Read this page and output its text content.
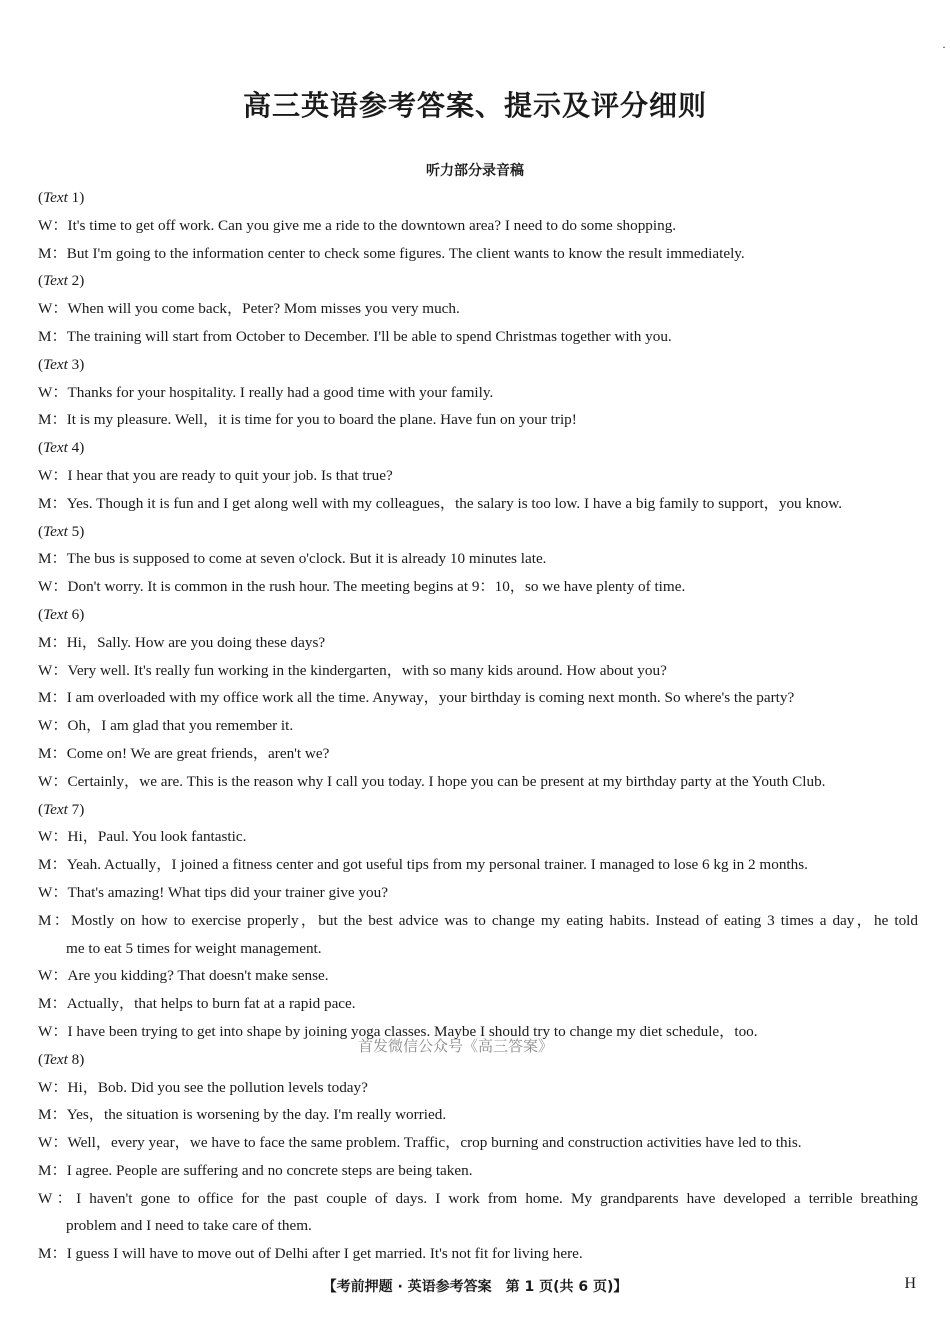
·
高三英语参考答案、提示及评分细则
听力部分录音稿
(Text 1)
W：It's time to get off work. Can you give me a ride to the downtown area? I need to do some shopping.
M：But I'm going to the information center to check some figures. The client wants to know the result immediately.
(Text 2)
W：When will you come back，Peter? Mom misses you very much.
M：The training will start from October to December. I'll be able to spend Christmas together with you.
(Text 3)
W：Thanks for your hospitality. I really had a good time with your family.
M：It is my pleasure. Well，it is time for you to board the plane. Have fun on your trip!
(Text 4)
W：I hear that you are ready to quit your job. Is that true?
M：Yes. Though it is fun and I get along well with my colleagues，the salary is too low. I have a big family to support，you know.
(Text 5)
M：The bus is supposed to come at seven o'clock. But it is already 10 minutes late.
W：Don't worry. It is common in the rush hour. The meeting begins at 9：10，so we have plenty of time.
(Text 6)
M：Hi，Sally. How are you doing these days?
W：Very well. It's really fun working in the kindergarten，with so many kids around. How about you?
M：I am overloaded with my office work all the time. Anyway，your birthday is coming next month. So where's the party?
W：Oh，I am glad that you remember it.
M：Come on! We are great friends，aren't we?
W：Certainly，we are. This is the reason why I call you today. I hope you can be present at my birthday party at the Youth Club.
(Text 7)
W：Hi，Paul. You look fantastic.
M：Yeah. Actually，I joined a fitness center and got useful tips from my personal trainer. I managed to lose 6 kg in 2 months.
W：That's amazing! What tips did your trainer give you?
M：Mostly on how to exercise properly，but the best advice was to change my eating habits. Instead of eating 3 times a day，he told
me to eat 5 times for weight management.
W：Are you kidding? That doesn't make sense.
M：Actually，that helps to burn fat at a rapid pace.
W：I have been trying to get into shape by joining yoga classes. Maybe I should try to change my diet schedule，too.
(Text 8)
W：Hi，Bob. Did you see the pollution levels today?
M：Yes，the situation is worsening by the day. I'm really worried.
W：Well，every year，we have to face the same problem. Traffic，crop burning and construction activities have led to this.
M：I agree. People are suffering and no concrete steps are being taken.
W：I haven't gone to office for the past couple of days. I work from home. My grandparents have developed a terrible breathing
problem and I need to take care of them.
M：I guess I will have to move out of Delhi after I get married. It's not fit for living here.
首发微信公众号《高三答案》
【考前押题 · 英语参考答案　第 1 页(共 6 页)】	H
